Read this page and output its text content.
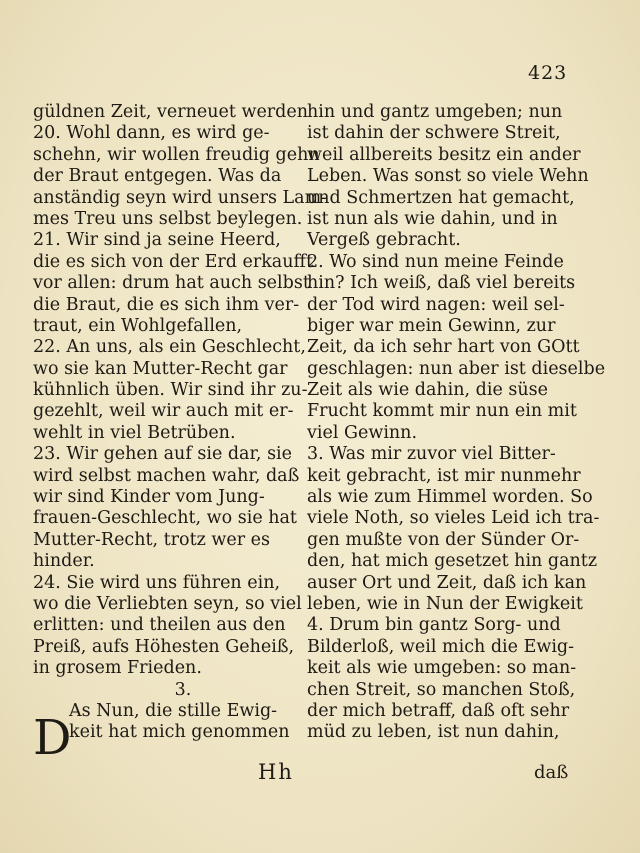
423
güldnen Zeit, verneuet werden
20. Wohl dann, es wird ge-
schehn, wir wollen freudig gehn
der Braut entgegen. Was da
anständig seyn wird unsers Lam-
mes Treu uns selbst beylegen.
21. Wir sind ja seine Heerd,
die es sich von der Erd erkaufft
vor allen: drum hat auch selbst
die Braut, die es sich ihm ver-
traut, ein Wohlgefallen,
22. An uns, als ein Geschlecht,
wo sie kan Mutter-Recht gar
kühnlich üben. Wir sind ihr zu-
gezehlt, weil wir auch mit er-
wehlt in viel Betrüben.
23. Wir gehen auf sie dar, sie
wird selbst machen wahr, daß
wir sind Kinder vom Jung-
frauen-Geschlecht, wo sie hat
Mutter-Recht, trotz wer es
hinder.
24. Sie wird uns führen ein,
wo die Verliebten seyn, so viel
erlitten: und theilen aus den
Preiß, aufs Höhesten Geheiß,
in grosem Frieden.
3.
As Nun, die stille Ewig-
keit hat mich genommen
D
hin und gantz umgeben; nun
ist dahin der schwere Streit,
weil allbereits besitz ein ander
Leben. Was sonst so viele Wehn
und Schmertzen hat gemacht,
ist nun als wie dahin, und in
Vergeß gebracht.
2. Wo sind nun meine Feinde
hin? Ich weiß, daß viel bereits
der Tod wird nagen: weil sel-
biger war mein Gewinn, zur
Zeit, da ich sehr hart von GOtt
geschlagen: nun aber ist dieselbe
Zeit als wie dahin, die süse
Frucht kommt mir nun ein mit
viel Gewinn.
3. Was mir zuvor viel Bitter-
keit gebracht, ist mir nunmehr
als wie zum Himmel worden. So
viele Noth, so vieles Leid ich tra-
gen mußte von der Sünder Or-
den, hat mich gesetzet hin gantz
auser Ort und Zeit, daß ich kan
leben, wie in Nun der Ewigkeit
4. Drum bin gantz Sorg- und
Bilderloß, weil mich die Ewig-
keit als wie umgeben: so man-
chen Streit, so manchen Stoß,
der mich betraff, daß oft sehr
müd zu leben, ist nun dahin,
Hh	daß
